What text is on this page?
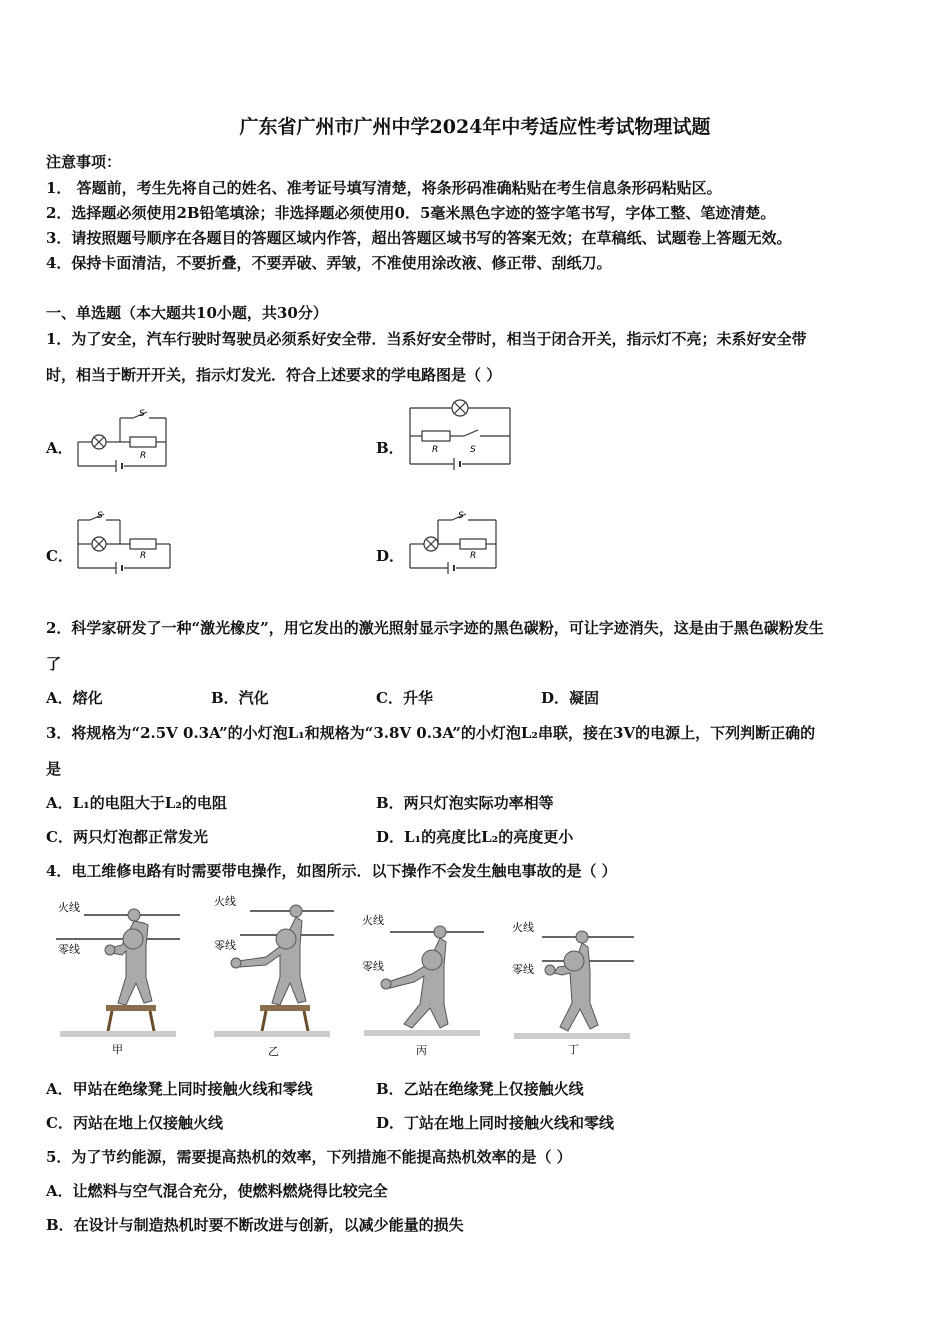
广东省广州市广州中学2024年中考适应性考试物理试题
注意事项：
1． 答题前，考生先将自己的姓名、准考证号填写清楚，将条形码准确粘贴在考生信息条形码粘贴区。
2．选择题必须使用2B铅笔填涂；非选择题必须使用0．5毫米黑色字迹的签字笔书写，字体工整、笔迹清楚。
3．请按照题号顺序在各题目的答题区域内作答，超出答题区域书写的答案无效；在草稿纸、试题卷上答题无效。
4．保持卡面清洁，不要折叠，不要弄破、弄皱，不准使用涂改液、修正带、刮纸刀。
一、单选题（本大题共10小题，共30分）
1．为了安全，汽车行驶时驾驶员必须系好安全带．当系好安全带时，相当于闭合开关，指示灯不亮；未系好安全带
时，相当于断开开关，指示灯发光．符合上述要求的学电路图是（ ）
A．	B．
C．	D．
S
R
R	S
S
R
S
R
2．科学家研发了一种“激光橡皮”，用它发出的激光照射显示字迹的黑色碳粉，可让字迹消失，这是由于黑色碳粉发生
了
A．熔化	B．汽化	C．升华	D．凝固
3．将规格为“2.5V 0.3A”的小灯泡L₁和规格为“3.8V 0.3A”的小灯泡L₂串联，接在3V的电源上，下列判断正确的
是
A．L₁的电阻大于L₂的电阻	B．两只灯泡实际功率相等
C．两只灯泡都正常发光	D．L₁的亮度比L₂的亮度更小
4．电工维修电路有时需要带电操作，如图所示．以下操作不会发生触电事故的是（ ）
火线
零线
甲
火线
零线
乙
火线
零线
丙
火线
零线
丁
A．甲站在绝缘凳上同时接触火线和零线	B．乙站在绝缘凳上仅接触火线
C．丙站在地上仅接触火线	D．丁站在地上同时接触火线和零线
5．为了节约能源，需要提高热机的效率，下列措施不能提高热机效率的是（ ）
A．让燃料与空气混合充分，使燃料燃烧得比较完全
B．在设计与制造热机时要不断改进与创新，以减少能量的损失
